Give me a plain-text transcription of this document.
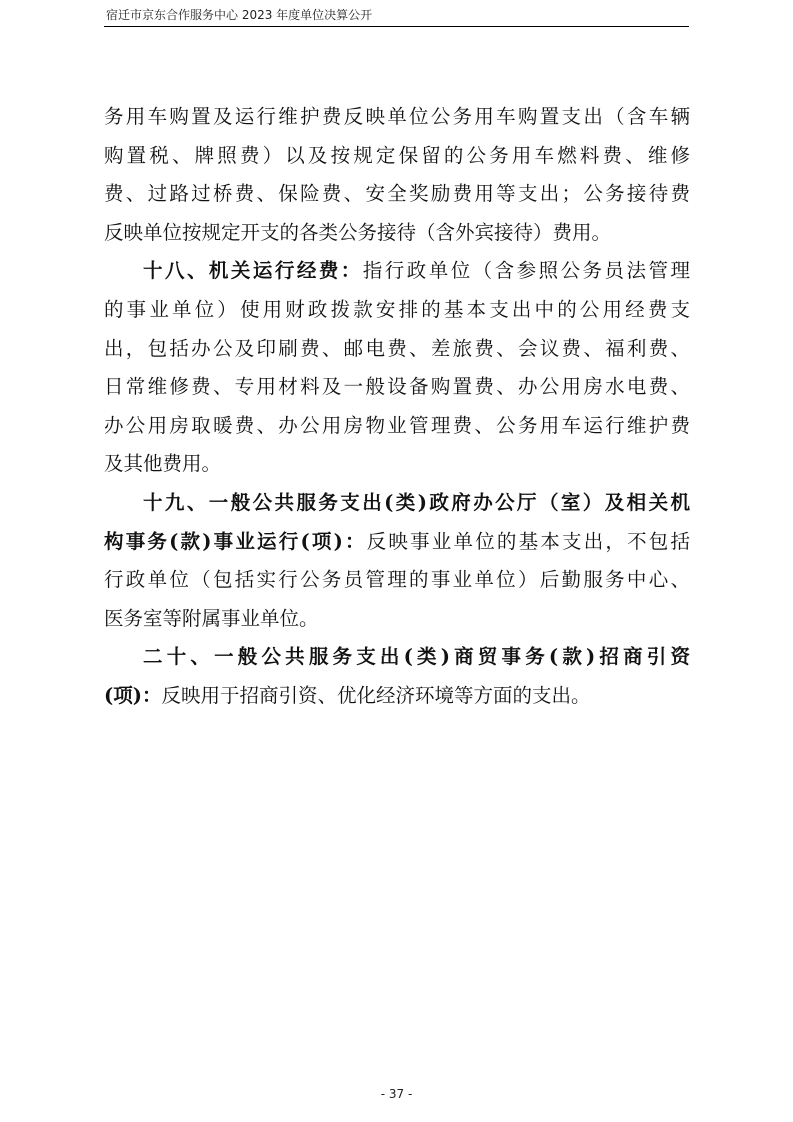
宿迁市京东合作服务中心 2023 年度单位决算公开
务用车购置及运行维护费反映单位公务用车购置支出（含车辆
购置税、牌照费）以及按规定保留的公务用车燃料费、维修
费、过路过桥费、保险费、安全奖励费用等支出；公务接待费
反映单位按规定开支的各类公务接待（含外宾接待）费用。
十八、机关运行经费：指行政单位（含参照公务员法管理
的事业单位）使用财政拨款安排的基本支出中的公用经费支
出，包括办公及印刷费、邮电费、差旅费、会议费、福利费、
日常维修费、专用材料及一般设备购置费、办公用房水电费、
办公用房取暖费、办公用房物业管理费、公务用车运行维护费
及其他费用。
十九、一般公共服务支出(类)政府办公厅（室）及相关机
构事务(款)事业运行(项)：反映事业单位的基本支出，不包括
行政单位（包括实行公务员管理的事业单位）后勤服务中心、
医务室等附属事业单位。
二十、一般公共服务支出(类)商贸事务(款)招商引资
(项)：反映用于招商引资、优化经济环境等方面的支出。
- 37 -
